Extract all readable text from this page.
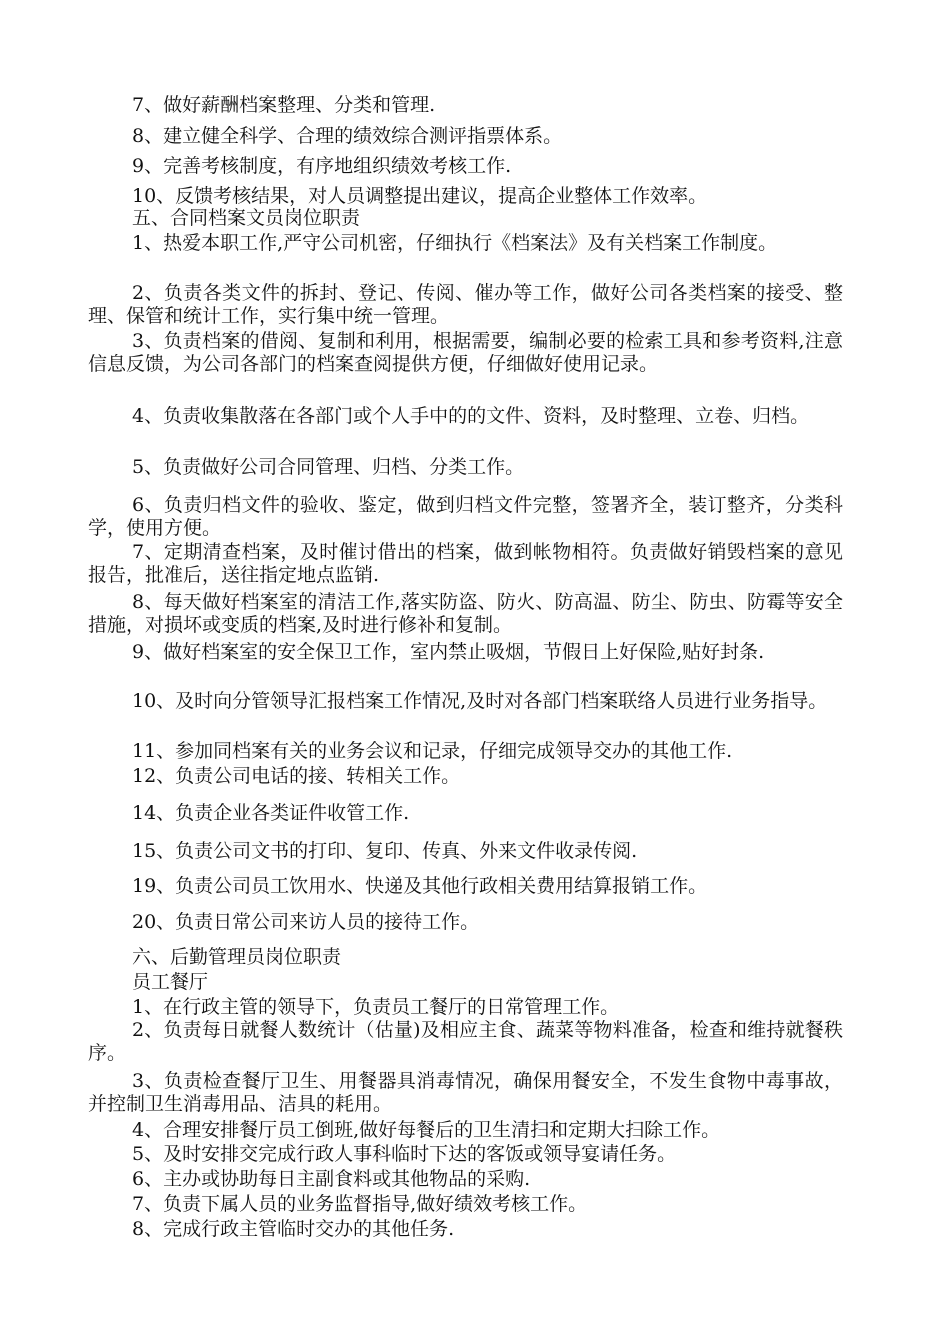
7、做好薪酬档案整理、分类和管理.

8、建立健全科学、合理的绩效综合测评指票体系。

9、完善考核制度，有序地组织绩效考核工作.

10、反馈考核结果，对人员调整提出建议，提高企业整体工作效率。

五、合同档案文员岗位职责

1、热爱本职工作,严守公司机密，仔细执行《档案法》及有关档案工作制度。

2、负责各类文件的拆封、登记、传阅、催办等工作，做好公司各类档案的接受、整理、保管和统计工作，实行集中统一管理。

3、负责档案的借阅、复制和利用，根据需要，编制必要的检索工具和参考资料,注意信息反馈，为公司各部门的档案查阅提供方便，仔细做好使用记录。

4、负责收集散落在各部门或个人手中的的文件、资料，及时整理、立卷、归档。

5、负责做好公司合同管理、归档、分类工作。

6、负责归档文件的验收、鉴定，做到归档文件完整，签署齐全，装订整齐，分类科学，使用方便。

7、定期清查档案，及时催讨借出的档案，做到帐物相符。负责做好销毁档案的意见报告，批准后，送往指定地点监销.

8、每天做好档案室的清洁工作,落实防盗、防火、防高温、防尘、防虫、防霉等安全措施，对损坏或变质的档案,及时进行修补和复制。

9、做好档案室的安全保卫工作，室内禁止吸烟，节假日上好保险,贴好封条.

10、及时向分管领导汇报档案工作情况,及时对各部门档案联络人员进行业务指导。

11、参加同档案有关的业务会议和记录，仔细完成领导交办的其他工作.

12、负责公司电话的接、转相关工作。

14、负责企业各类证件收管工作.

15、负责公司文书的打印、复印、传真、外来文件收录传阅.

19、负责公司员工饮用水、快递及其他行政相关费用结算报销工作。

20、负责日常公司来访人员的接待工作。

六、后勤管理员岗位职责

员工餐厅

1、在行政主管的领导下，负责员工餐厅的日常管理工作。

2、负责每日就餐人数统计（估量)及相应主食、蔬菜等物料准备，检查和维持就餐秩序。

3、负责检查餐厅卫生、用餐器具消毒情况，确保用餐安全，不发生食物中毒事故，并控制卫生消毒用品、洁具的耗用。

4、合理安排餐厅员工倒班,做好每餐后的卫生清扫和定期大扫除工作。

5、及时安排交完成行政人事科临时下达的客饭或领导宴请任务。

6、主办或协助每日主副食料或其他物品的采购.

7、负责下属人员的业务监督指导,做好绩效考核工作。

8、完成行政主管临时交办的其他任务.
